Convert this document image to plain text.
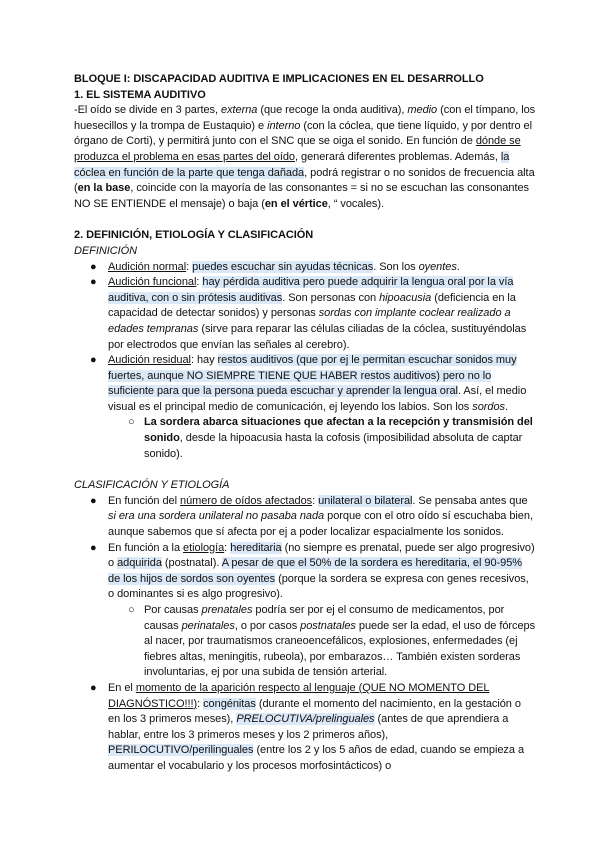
BLOQUE I: DISCAPACIDAD AUDITIVA E IMPLICACIONES EN EL DESARROLLO

1. EL SISTEMA AUDITIVO

-El oído se divide en 3 partes, externa (que recoge la onda auditiva), medio (con el tímpano, los huesecillos y la trompa de Eustaquio) e interno (con la cóclea, que tiene líquido, y por dentro el órgano de Corti), y permitirá junto con el SNC que se oiga el sonido. En función de dónde se produzca el problema en esas partes del oído, generará diferentes problemas. Además, la cóclea en función de la parte que tenga dañada, podrá registrar o no sonidos de frecuencia alta (en la base, coincide con la mayoría de las consonantes = si no se escuchan las consonantes NO SE ENTIENDE el mensaje) o baja (en el vértice, “ vocales).

2. DEFINICIÓN, ETIOLOGÍA Y CLASIFICACIÓN

DEFINICIÓN

● Audición normal: puedes escuchar sin ayudas técnicas. Son los oyentes.
● Audición funcional: hay pérdida auditiva pero puede adquirir la lengua oral por la vía auditiva, con o sin prótesis auditivas. Son personas con hipoacusia (deficiencia en la capacidad de detectar sonidos) y personas sordas con implante coclear realizado a edades tempranas (sirve para reparar las células ciliadas de la cóclea, sustituyéndolas por electrodos que envían las señales al cerebro).
● Audición residual: hay restos auditivos (que por ej le permitan escuchar sonidos muy fuertes, aunque NO SIEMPRE TIENE QUE HABER restos auditivos) pero no lo suficiente para que la persona pueda escuchar y aprender la lengua oral. Así, el medio visual es el principal medio de comunicación, ej leyendo los labios. Son los sordos.
○ La sordera abarca situaciones que afectan a la recepción y transmisión del sonido, desde la hipoacusia hasta la cofosis (imposibilidad absoluta de captar sonido).

CLASIFICACIÓN Y ETIOLOGÍA

● En función del número de oídos afectados: unilateral o bilateral. Se pensaba antes que si era una sordera unilateral no pasaba nada porque con el otro oído sí escuchaba bien, aunque sabemos que sí afecta por ej a poder localizar espacialmente los sonidos.
● En función a la etiología: hereditaria (no siempre es prenatal, puede ser algo progresivo) o adquirida (postnatal). A pesar de que el 50% de la sordera es hereditaria, el 90-95% de los hijos de sordos son oyentes (porque la sordera se expresa con genes recesivos, o dominantes si es algo progresivo).
○ Por causas prenatales podría ser por ej el consumo de medicamentos, por causas perinatales, o por casos postnatales puede ser la edad, el uso de fórceps al nacer, por traumatismos craneoencefálicos, explosiones, enfermedades (ej fiebres altas, meningitis, rubeola), por embarazos… También existen sorderas involuntarias, ej por una subida de tensión arterial.
● En el momento de la aparición respecto al lenguaje (QUE NO MOMENTO DEL DIAGNÓSTICO!!!): congénitas (durante el momento del nacimiento, en la gestación o en los 3 primeros meses), PRELOCUTIVA/prelinguales (antes de que aprendiera a hablar, entre los 3 primeros meses y los 2 primeros años), PERILOCUTIVO/perilinguales (entre los 2 y los 5 años de edad, cuando se empieza a aumentar el vocabulario y los procesos morfosintácticos) o
